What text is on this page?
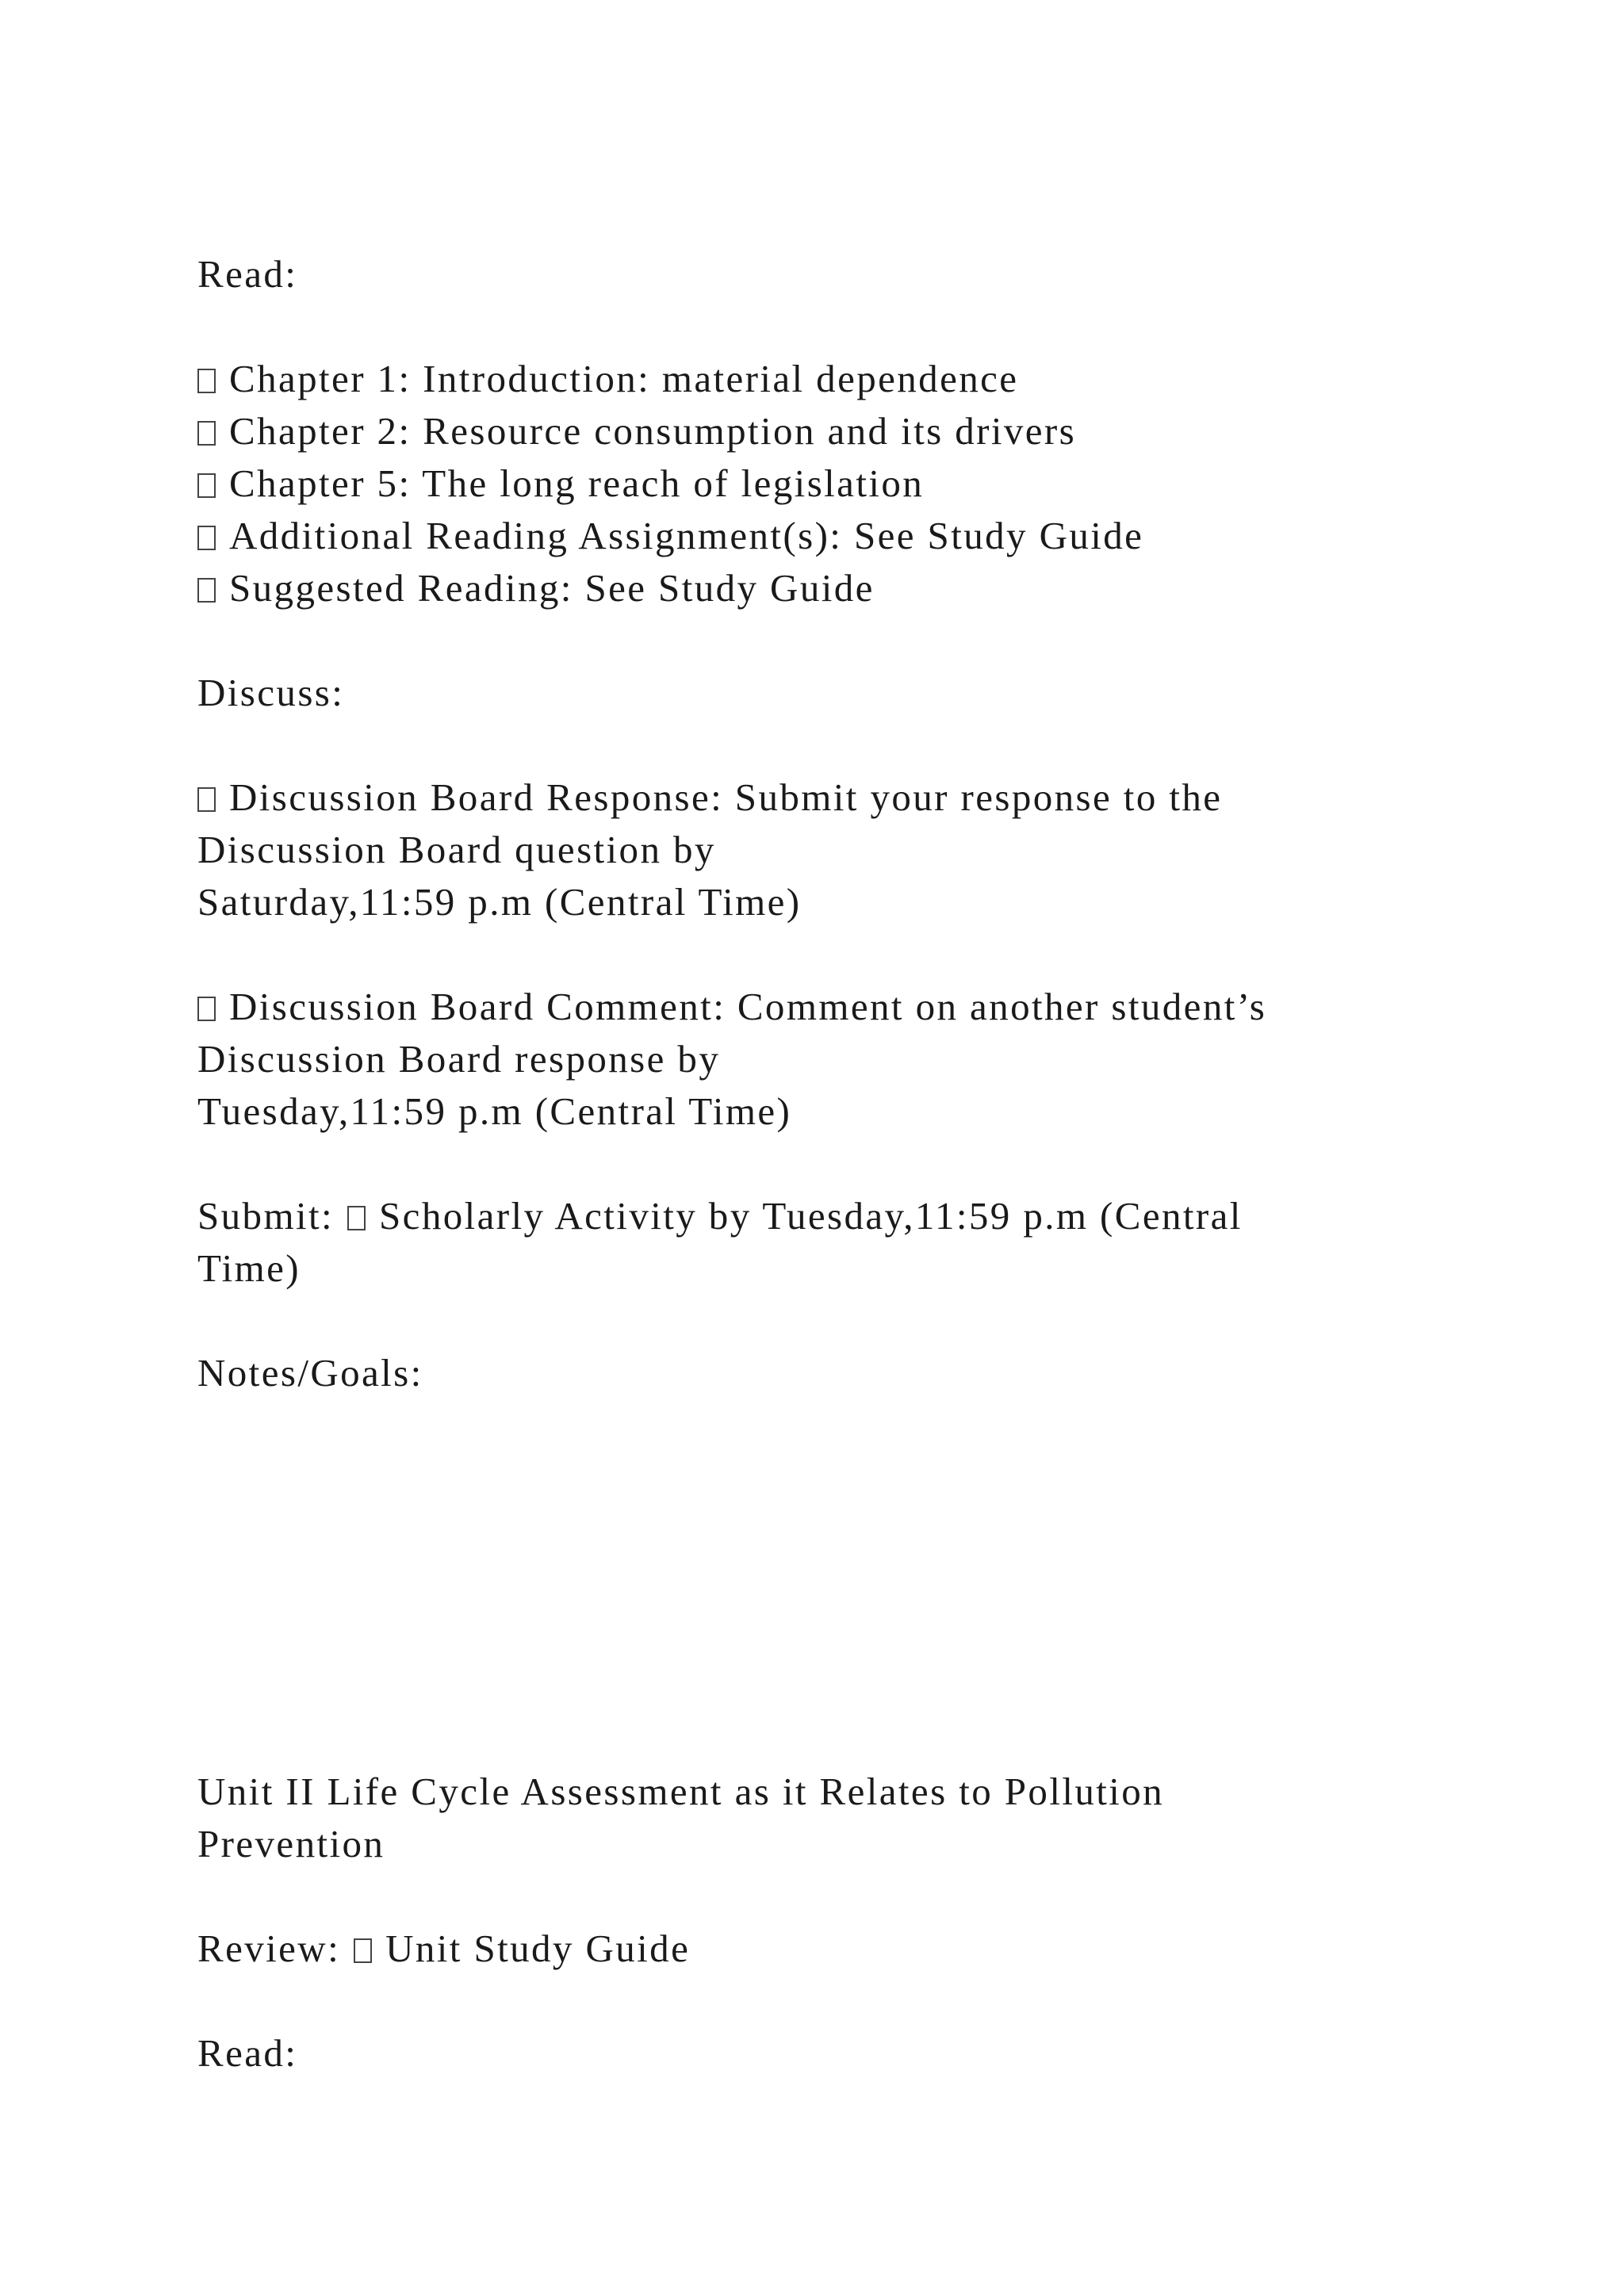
Read:
Chapter 1: Introduction: material dependence
Chapter 2: Resource consumption and its drivers
Chapter 5: The long reach of legislation
Additional Reading Assignment(s): See Study Guide
Suggested Reading: See Study Guide
Discuss:
Discussion Board Response: Submit your response to the
Discussion Board question by
Saturday,11:59 p.m (Central Time)
Discussion Board Comment: Comment on another student’s
Discussion Board response by
Tuesday,11:59 p.m (Central Time)
Submit: Scholarly Activity by Tuesday,11:59 p.m (Central
Time)
Notes/Goals:
Unit II Life Cycle Assessment as it Relates to Pollution
Prevention
Review: Unit Study Guide
Read:
